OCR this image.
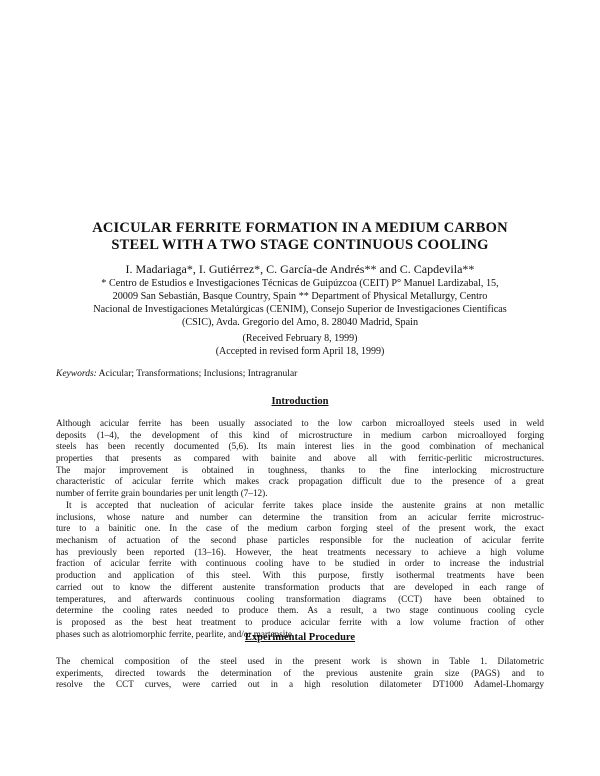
ACICULAR FERRITE FORMATION IN A MEDIUM CARBON
STEEL WITH A TWO STAGE CONTINUOUS COOLING
I. Madariaga*, I. Gutiérrez*, C. García-de Andrés** and C. Capdevila**
* Centro de Estudios e Investigaciones Técnicas de Guipúzcoa (CEIT) P° Manuel Lardizabal, 15,
20009 San Sebastián, Basque Country, Spain ** Department of Physical Metallurgy, Centro
Nacional de Investigaciones Metalúrgicas (CENIM), Consejo Superior de Investigaciones Científicas
(CSIC), Avda. Gregorio del Amo, 8. 28040 Madrid, Spain
(Received February 8, 1999)
(Accepted in revised form April 18, 1999)
Keywords: Acicular; Transformations; Inclusions; Intragranular
Introduction
Although acicular ferrite has been usually associated to the low carbon microalloyed steels used in weld
deposits (1–4), the development of this kind of microstructure in medium carbon microalloyed forging
steels has been recently documented (5,6). Its main interest lies in the good combination of mechanical
properties that presents as compared with bainite and above all with ferritic-perlitic microstructures.
The major improvement is obtained in toughness, thanks to the fine interlocking microstructure
characteristic of acicular ferrite which makes crack propagation difficult due to the presence of a great
number of ferrite grain boundaries per unit length (7–12).
It is accepted that nucleation of acicular ferrite takes place inside the austenite grains at non metallic
inclusions, whose nature and number can determine the transition from an acicular ferrite microstruc-
ture to a bainitic one. In the case of the medium carbon forging steel of the present work, the exact
mechanism of actuation of the second phase particles responsible for the nucleation of acicular ferrite
has previously been reported (13–16). However, the heat treatments necessary to achieve a high volume
fraction of acicular ferrite with continuous cooling have to be studied in order to increase the industrial
production and application of this steel. With this purpose, firstly isothermal treatments have been
carried out to know the different austenite transformation products that are developed in each range of
temperatures, and afterwards continuous cooling transformation diagrams (CCT) have been obtained to
determine the cooling rates needed to produce them. As a result, a two stage continuous cooling cycle
is proposed as the best heat treatment to produce acicular ferrite with a low volume fraction of other
phases such as alotriomorphic ferrite, pearlite, and/or martensite.
Experimental Procedure
The chemical composition of the steel used in the present work is shown in Table 1. Dilatometric
experiments, directed towards the determination of the previous austenite grain size (PAGS) and to
resolve the CCT curves, were carried out in a high resolution dilatometer DT1000 Adamel-Lhomargy
